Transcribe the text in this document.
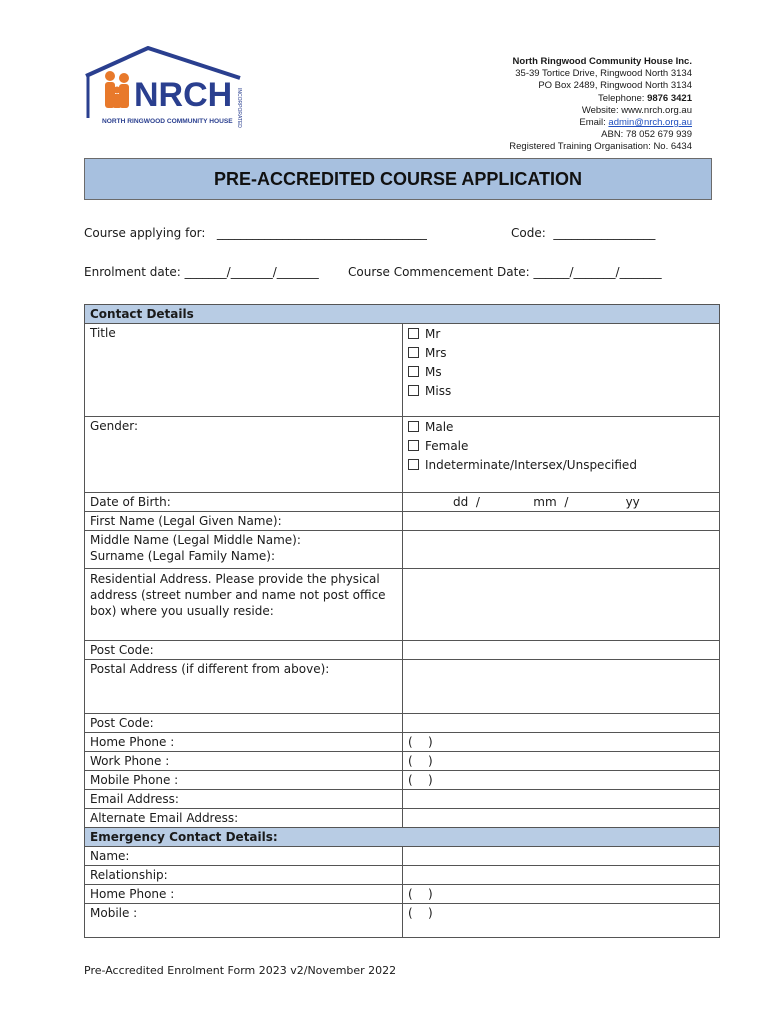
NRCH
NORTH RINGWOOD COMMUNITY HOUSE INCORPORATED
North Ringwood Community House Inc.
35-39 Tortice Drive, Ringwood North 3134
PO Box 2489, Ringwood North 3134
Telephone: 9876 3421
Website: www.nrch.org.au
Email: admin@nrch.org.au
ABN: 78 052 679 939
Registered Training Organisation: No. 6434
PRE-ACCREDITED COURSE APPLICATION
Course applying for:   ___________________________________	Code:  _________________
Enrolment date: _______/_______/_______ Course Commencement Date: ______/_______/_______
Contact Details	
Title	Mr
Mrs
Ms
Miss

Gender:	Male
Female
Indeterminate/Intersex/Unspecified

Date of Birth:	dd  /              mm  /               yy
First Name (Legal Given Name):	

Middle Name (Legal Middle Name):
Surname (Legal Family Name):	

Residential Address. Please provide the physical address (street number and name not post office box) where you usually reside:	

Post Code:	
Postal Address (if different from above):	
Post Code:	
Home Phone :	(    )
Work Phone :	(    )
Mobile Phone :	(    )
Email Address:	
Alternate Email Address:	
Emergency Contact Details:	
Name:	
Relationship:	
Home Phone :	(    )
Mobile :	(    )
Pre-Accredited Enrolment Form 2023 v2/November 2022
